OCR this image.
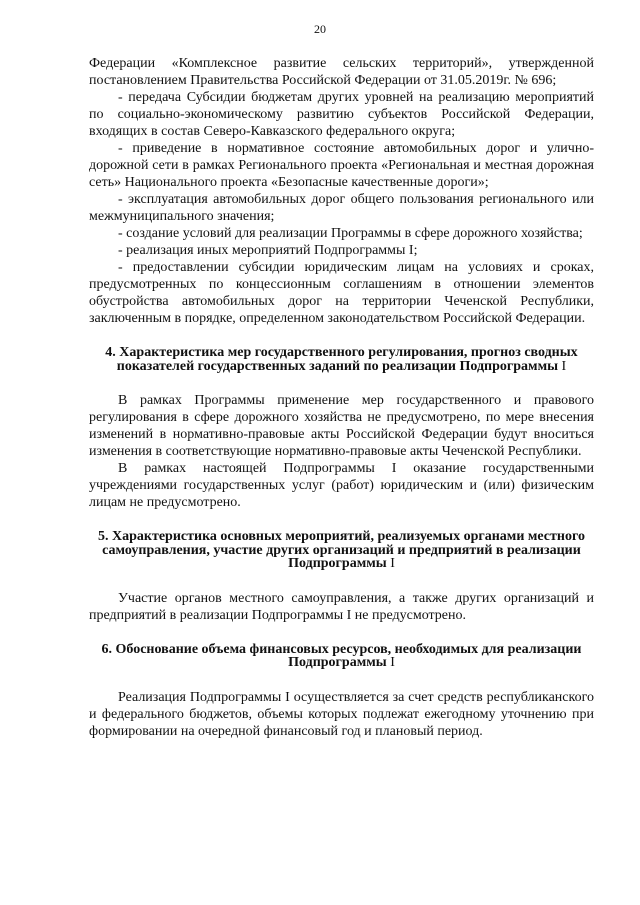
20

Федерации «Комплексное развитие сельских территорий», утвержденной постановлением Правительства Российской Федерации от 31.05.2019г. № 696;

- передача Субсидии бюджетам других уровней на реализацию мероприятий по социально-экономическому развитию субъектов Российской Федерации, входящих в состав Северо-Кавказского федерального округа;

- приведение в нормативное состояние автомобильных дорог и улично-дорожной сети в рамках Регионального проекта «Региональная и местная дорожная сеть» Национального проекта «Безопасные качественные дороги»;

- эксплуатация автомобильных дорог общего пользования регионального или межмуниципального значения;

- создание условий для реализации Программы в сфере дорожного хозяйства;

- реализация иных мероприятий Подпрограммы I;

- предоставлении субсидии юридическим лицам на условиях и сроках, предусмотренных по концессионным соглашениям в отношении элементов обустройства автомобильных дорог на территории Чеченской Республики, заключенным в порядке, определенном законодательством Российской Федерации.

4. Характеристика мер государственного регулирования, прогноз сводных показателей государственных заданий по реализации Подпрограммы I

В рамках Программы применение мер государственного и правового регулирования в сфере дорожного хозяйства не предусмотрено, по мере внесения изменений в нормативно-правовые акты Российской Федерации будут вноситься изменения в соответствующие нормативно-правовые акты Чеченской Республики.

В рамках настоящей Подпрограммы I оказание государственными учреждениями государственных услуг (работ) юридическим и (или) физическим лицам не предусмотрено.

5. Характеристика основных мероприятий, реализуемых органами местного самоуправления, участие других организаций и предприятий в реализации Подпрограммы I

Участие органов местного самоуправления, а также других организаций и предприятий в реализации Подпрограммы I не предусмотрено.

6. Обоснование объема финансовых ресурсов, необходимых для реализации Подпрограммы I

Реализация Подпрограммы I осуществляется за счет средств республиканского и федерального бюджетов, объемы которых подлежат ежегодному уточнению при формировании на очередной финансовый год и плановый период.
